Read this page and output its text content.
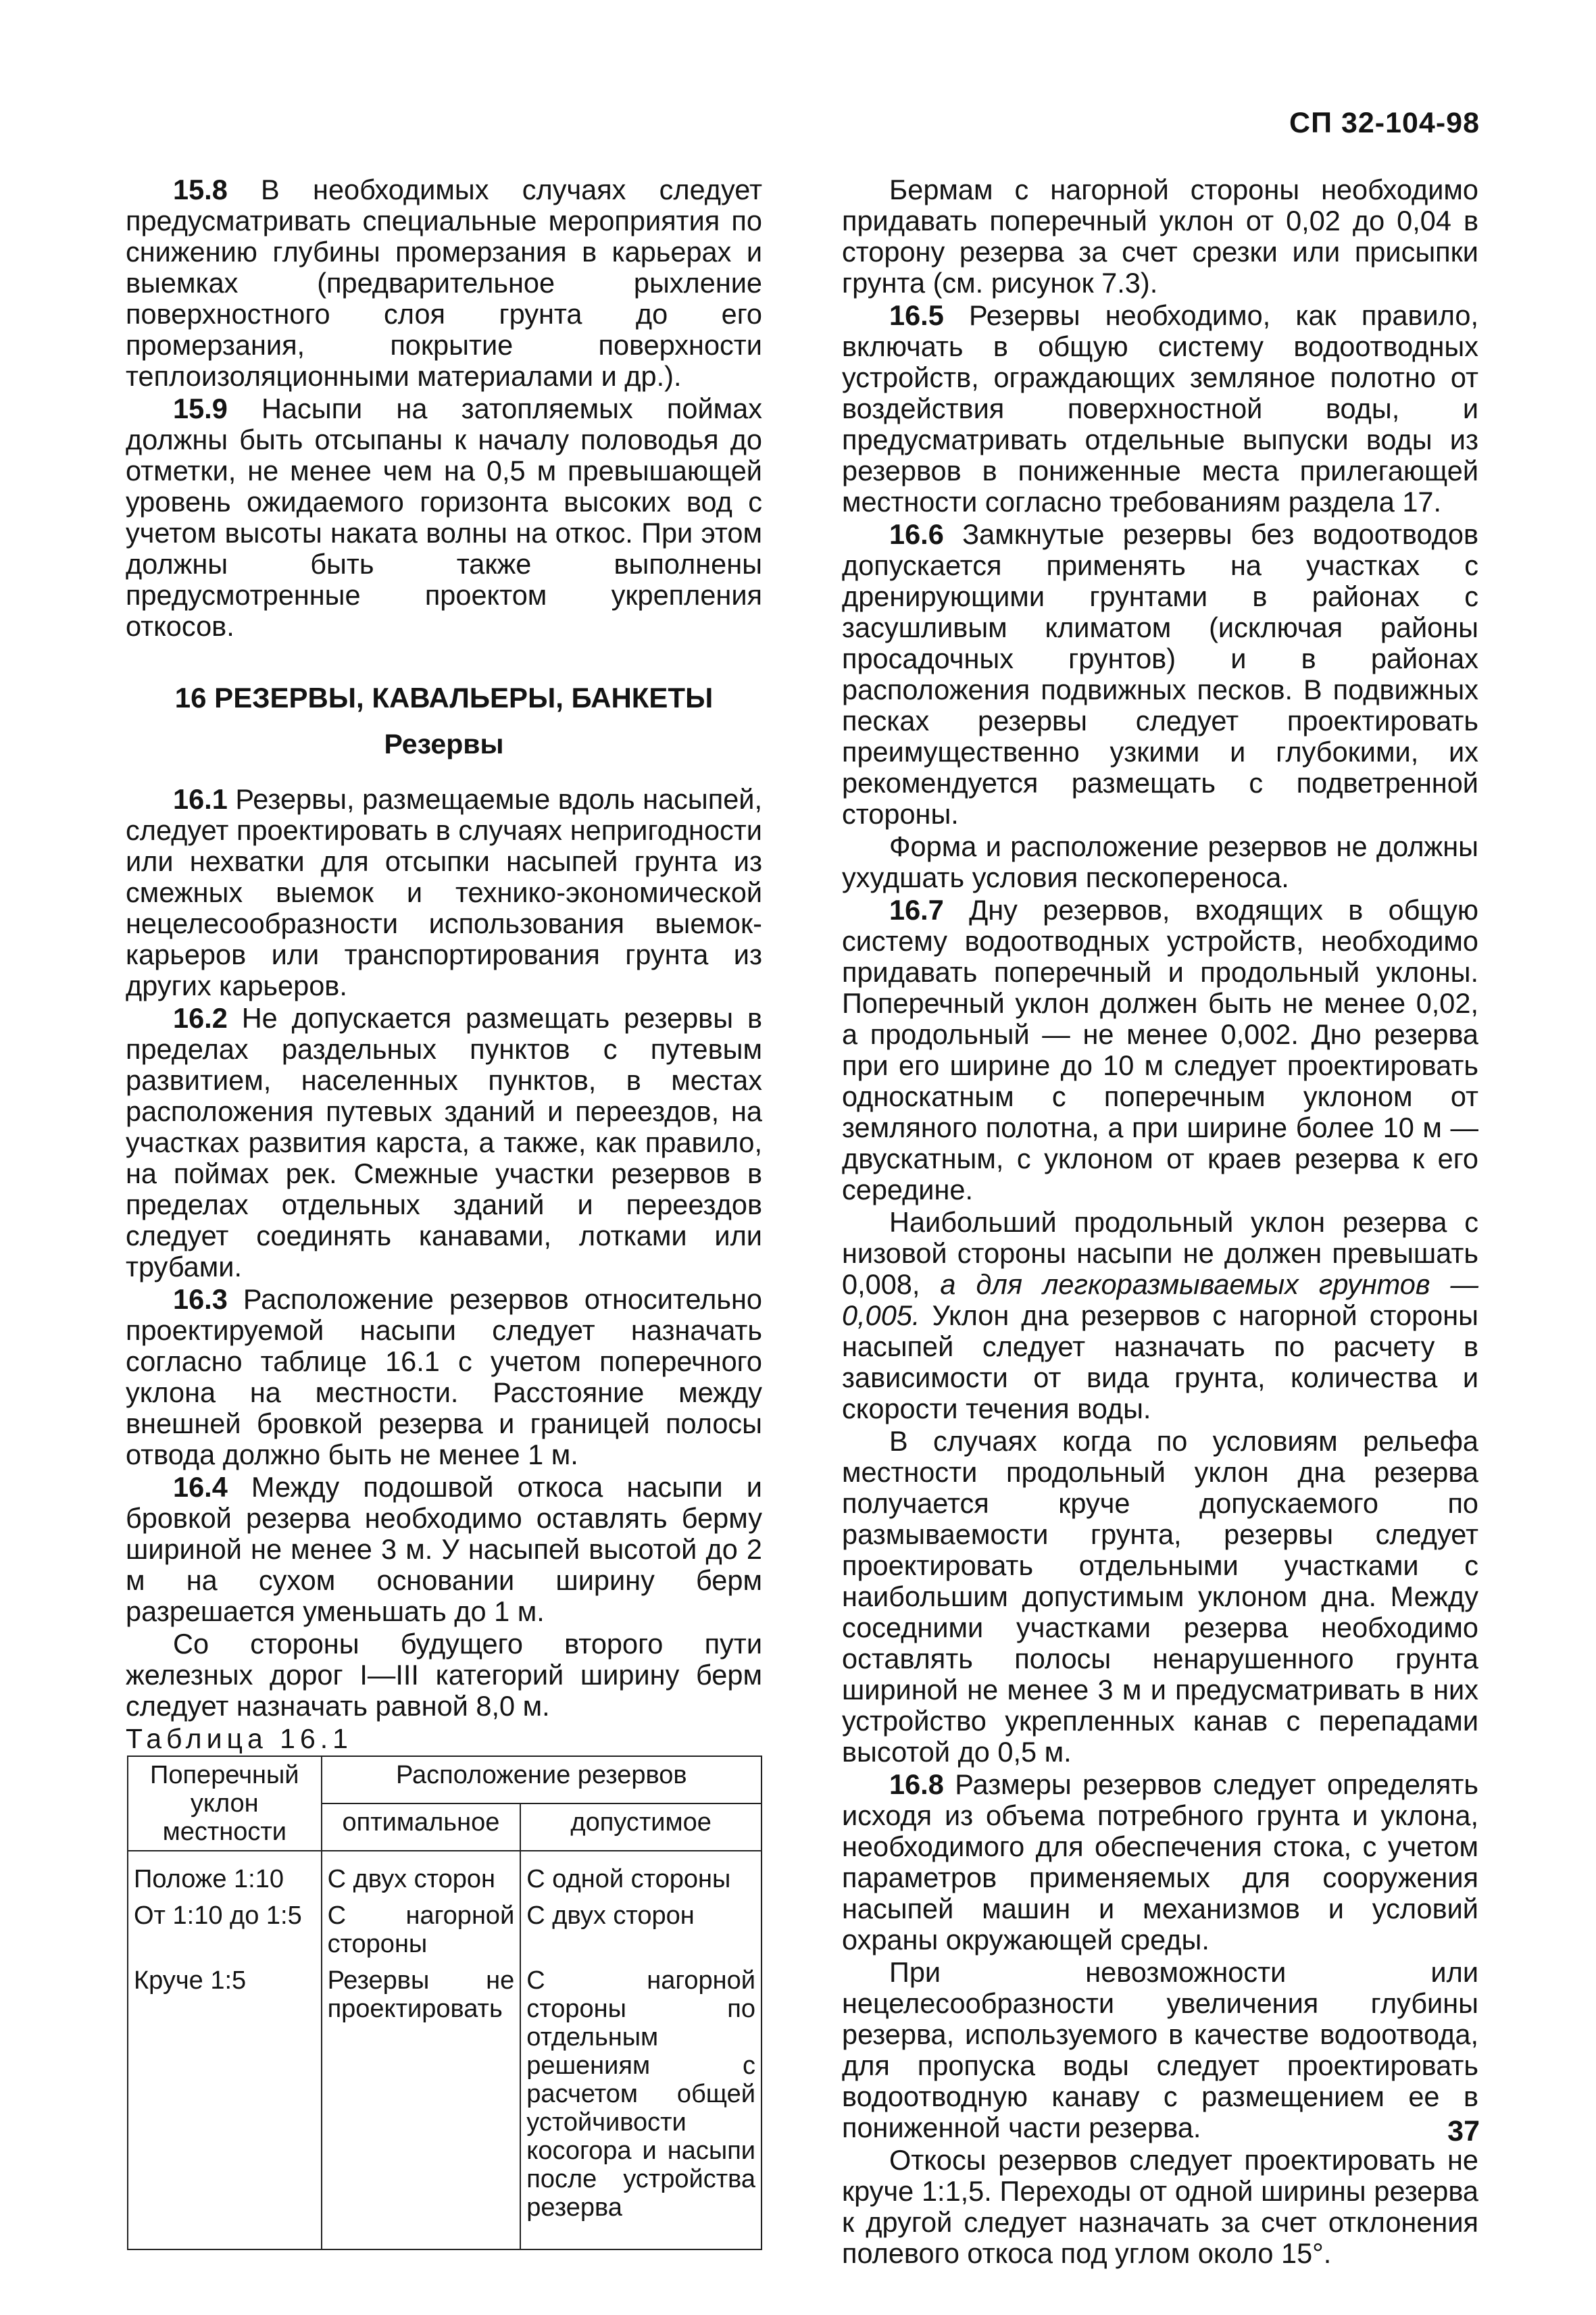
СП 32-104-98

15.8 В необходимых случаях следует предусматривать специальные мероприятия по снижению глубины промерзания в карьерах и выемках (предварительное рыхление поверхностного слоя грунта до его промерзания, покрытие поверхности теплоизоляционными материалами и др.).

15.9 Насыпи на затопляемых поймах должны быть отсыпаны к началу половодья до отметки, не менее чем на 0,5 м превышающей уровень ожидаемого горизонта высоких вод с учетом высоты наката волны на откос. При этом должны быть также выполнены предусмотренные проектом укрепления откосов.

16 РЕЗЕРВЫ, КАВАЛЬЕРЫ, БАНКЕТЫ
Резервы

16.1 Резервы, размещаемые вдоль насыпей, следует проектировать в случаях непригодности или нехватки для отсыпки насыпей грунта из смежных выемок и технико-экономической нецелесообразности использования выемок-карьеров или транспортирования грунта из других карьеров.

16.2 Не допускается размещать резервы в пределах раздельных пунктов с путевым развитием, населенных пунктов, в местах расположения путевых зданий и переездов, на участках развития карста, а также, как правило, на поймах рек. Смежные участки резервов в пределах отдельных зданий и переездов следует соединять канавами, лотками или трубами.

16.3 Расположение резервов относительно проектируемой насыпи следует назначать согласно таблице 16.1 с учетом поперечного уклона на местности. Расстояние между внешней бровкой резерва и границей полосы отвода должно быть не менее 1 м.

16.4 Между подошвой откоса насыпи и бровкой резерва необходимо оставлять берму шириной не менее 3 м. У насыпей высотой до 2 м на сухом основании ширину берм разрешается уменьшать до 1 м.

Со стороны будущего второго пути железных дорог I—III категорий ширину берм следует назначать равной 8,0 м.

Таблица 16.1

Поперечный уклон местности	Расположение резервов	
	оптимальное	допустимое
Положе 1:10	С двух сторон	С одной стороны
От 1:10 до 1:5	С нагорной стороны	С двух сторон
Круче 1:5	Резервы не проектировать	С нагорной стороны по отдельным решениям с расчетом общей устойчивости косогора и насыпи после устройства резерва

Бермам с нагорной стороны необходимо придавать поперечный уклон от 0,02 до 0,04 в сторону резерва за счет срезки или присыпки грунта (см. рисунок 7.3).

16.5 Резервы необходимо, как правило, включать в общую систему водоотводных устройств, ограждающих земляное полотно от воздействия поверхностной воды, и предусматривать отдельные выпуски воды из резервов в пониженные места прилегающей местности согласно требованиям раздела 17.

16.6 Замкнутые резервы без водоотводов допускается применять на участках с дренирующими грунтами в районах с засушливым климатом (исключая районы просадочных грунтов) и в районах расположения подвижных песков. В подвижных песках резервы следует проектировать преимущественно узкими и глубокими, их рекомендуется размещать с подветренной стороны.

Форма и расположение резервов не должны ухудшать условия пескопереноса.

16.7 Дну резервов, входящих в общую систему водоотводных устройств, необходимо придавать поперечный и продольный уклоны. Поперечный уклон должен быть не менее 0,02, а продольный — не менее 0,002. Дно резерва при его ширине до 10 м следует проектировать односкатным с поперечным уклоном от земляного полотна, а при ширине более 10 м — двускатным, с уклоном от краев резерва к его середине.

Наибольший продольный уклон резерва с низовой стороны насыпи не должен превышать 0,008, а для легкоразмываемых грунтов — 0,005. Уклон дна резервов с нагорной стороны насыпей следует назначать по расчету в зависимости от вида грунта, количества и скорости течения воды.

В случаях когда по условиям рельефа местности продольный уклон дна резерва получается круче допускаемого по размываемости грунта, резервы следует проектировать отдельными участками с наибольшим допустимым уклоном дна. Между соседними участками резерва необходимо оставлять полосы ненарушенного грунта шириной не менее 3 м и предусматривать в них устройство укрепленных канав с перепадами высотой до 0,5 м.

16.8 Размеры резервов следует определять исходя из объема потребного грунта и уклона, необходимого для обеспечения стока, с учетом параметров применяемых для сооружения насыпей машин и механизмов и условий охраны окружающей среды.

При невозможности или нецелесообразности увеличения глубины резерва, используемого в качестве водоотвода, для пропуска воды следует проектировать водоотводную канаву с размещением ее в пониженной части резерва.

Откосы резервов следует проектировать не круче 1:1,5. Переходы от одной ширины резерва к другой следует назначать за счет отклонения полевого откоса под углом около 15°.

37
